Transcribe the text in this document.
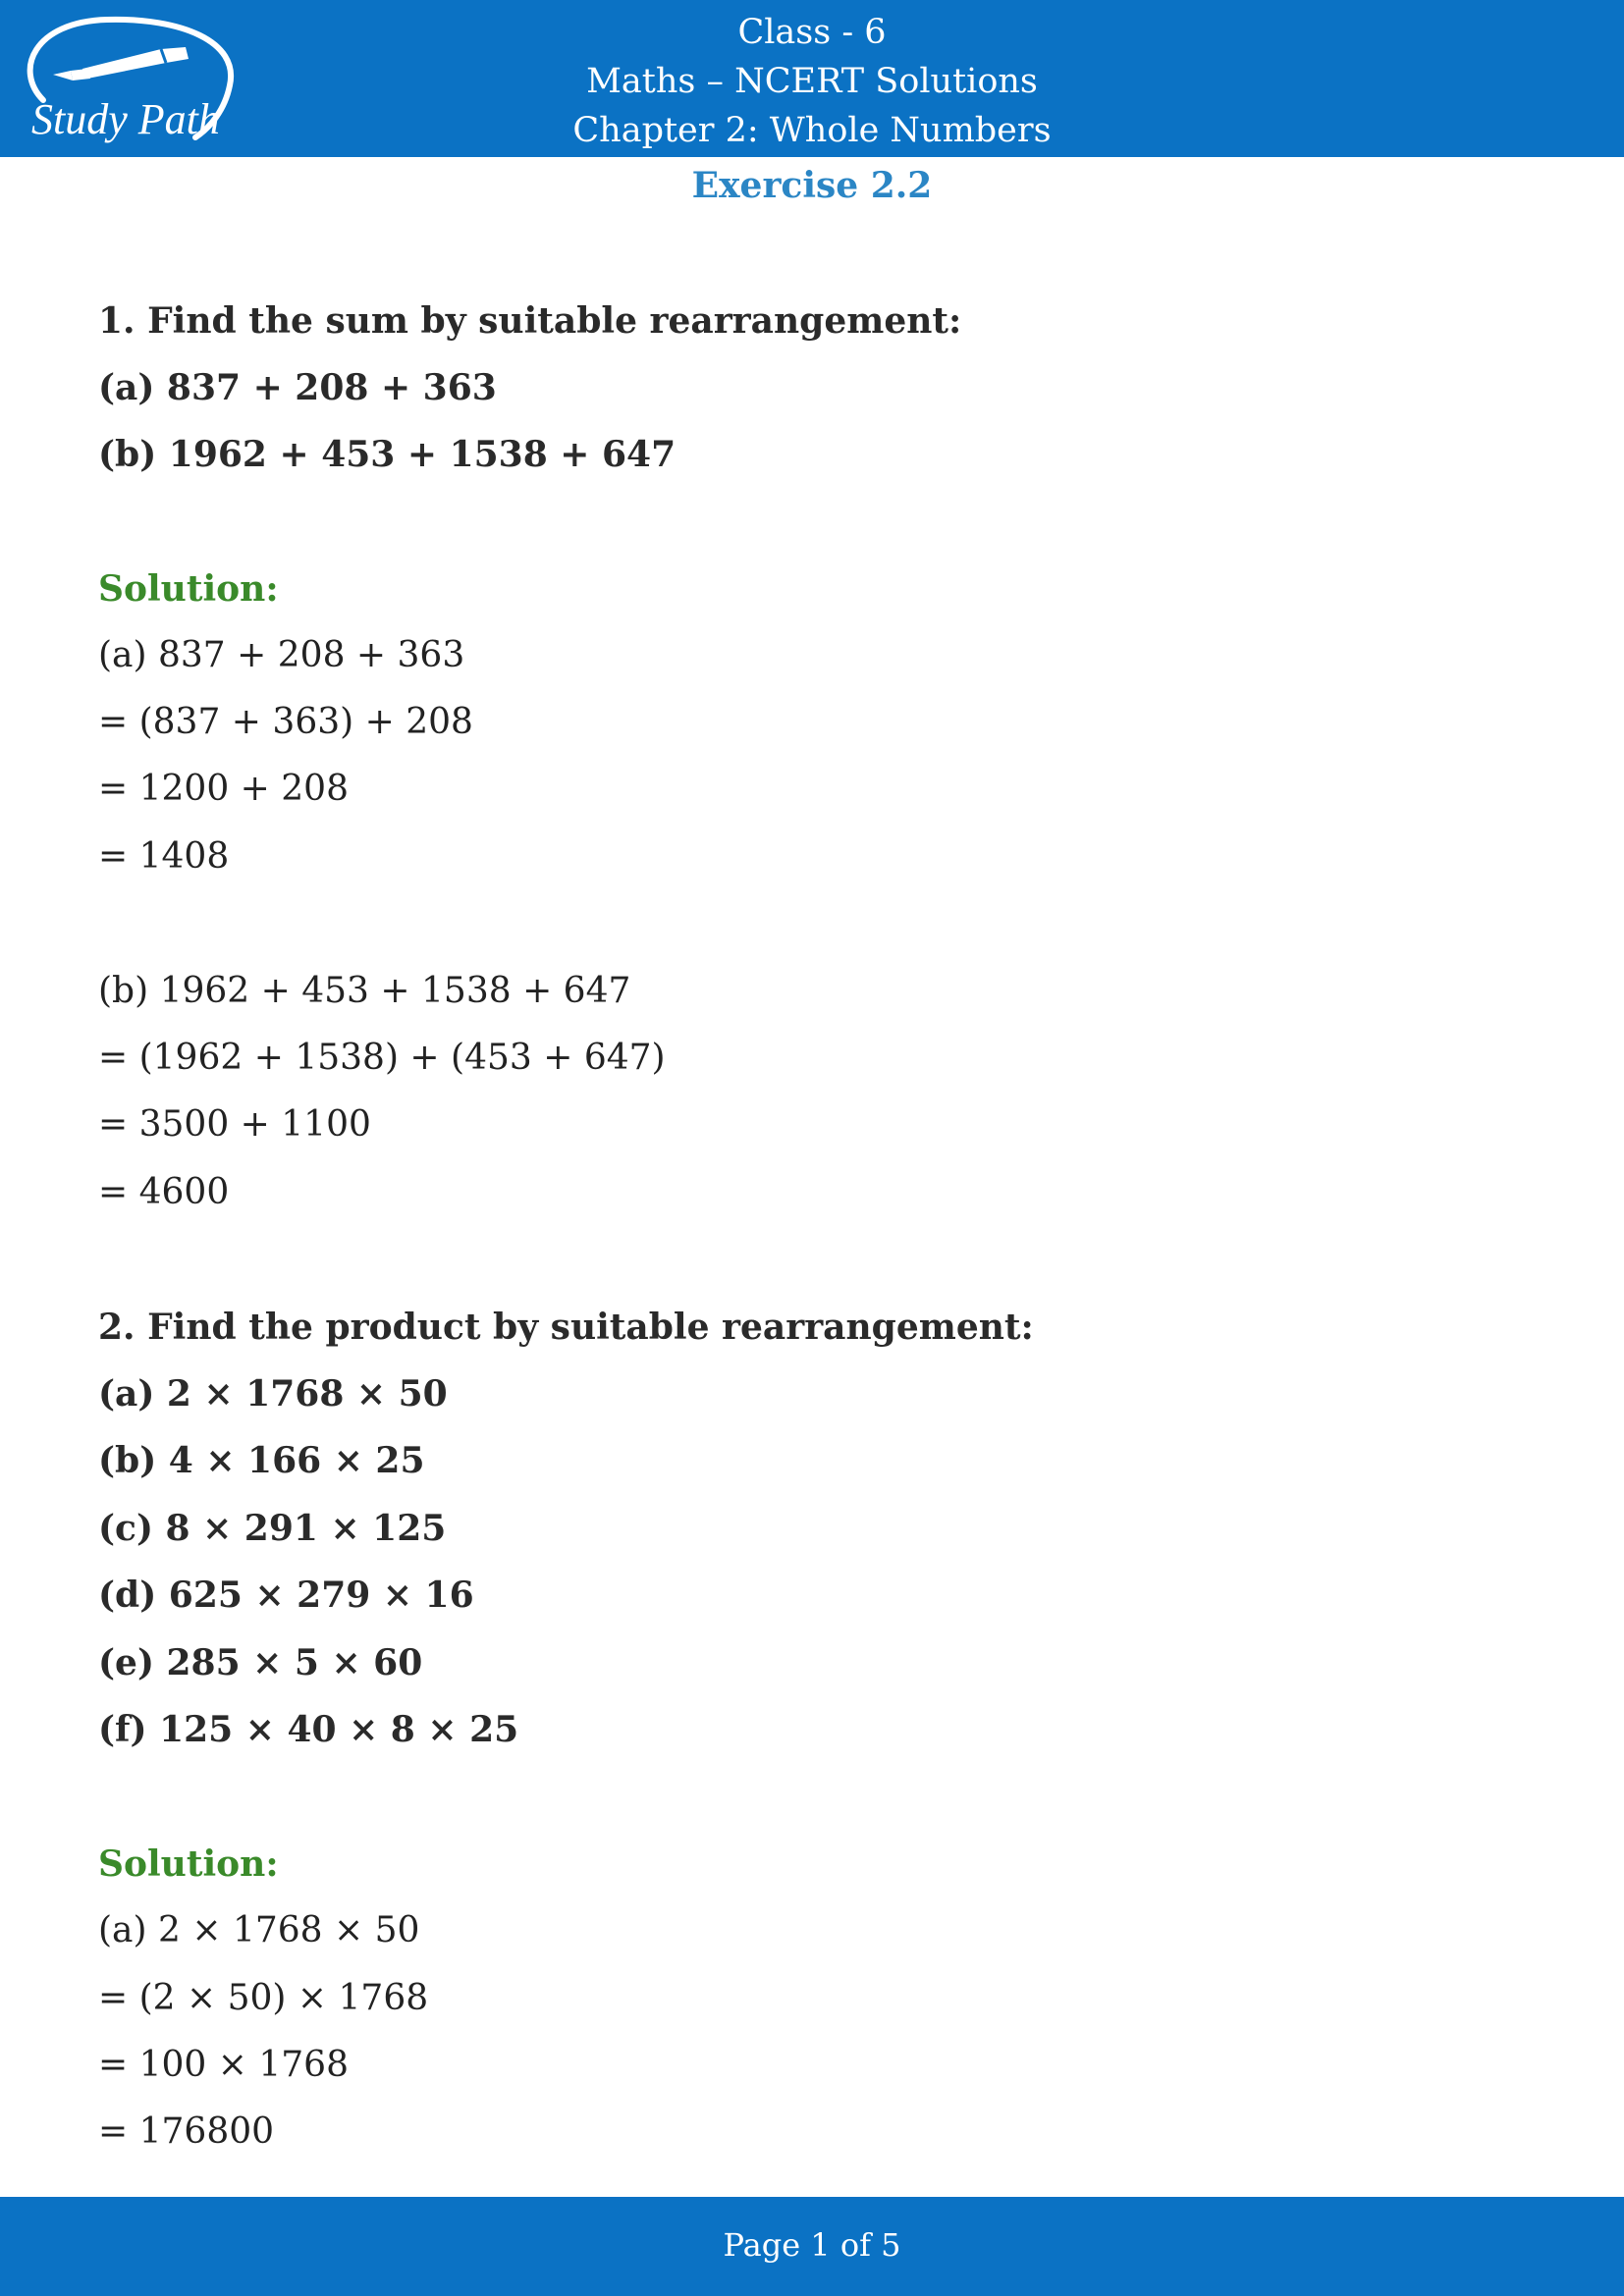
Study Path
Class - 6
Maths – NCERT Solutions
Chapter 2: Whole Numbers
Exercise 2.2
1. Find the sum by suitable rearrangement:
(a) 837 + 208 + 363
(b) 1962 + 453 + 1538 + 647
Solution:
(a) 837 + 208 + 363
= (837 + 363) + 208
= 1200 + 208
= 1408
(b) 1962 + 453 + 1538 + 647
= (1962 + 1538) + (453 + 647)
= 3500 + 1100
= 4600
2. Find the product by suitable rearrangement:
(a) 2 × 1768 × 50
(b) 4 × 166 × 25
(c) 8 × 291 × 125
(d) 625 × 279 × 16
(e) 285 × 5 × 60
(f) 125 × 40 × 8 × 25
Solution:
(a) 2 × 1768 × 50
= (2 × 50) × 1768
= 100 × 1768
= 176800
Page 1 of 5
